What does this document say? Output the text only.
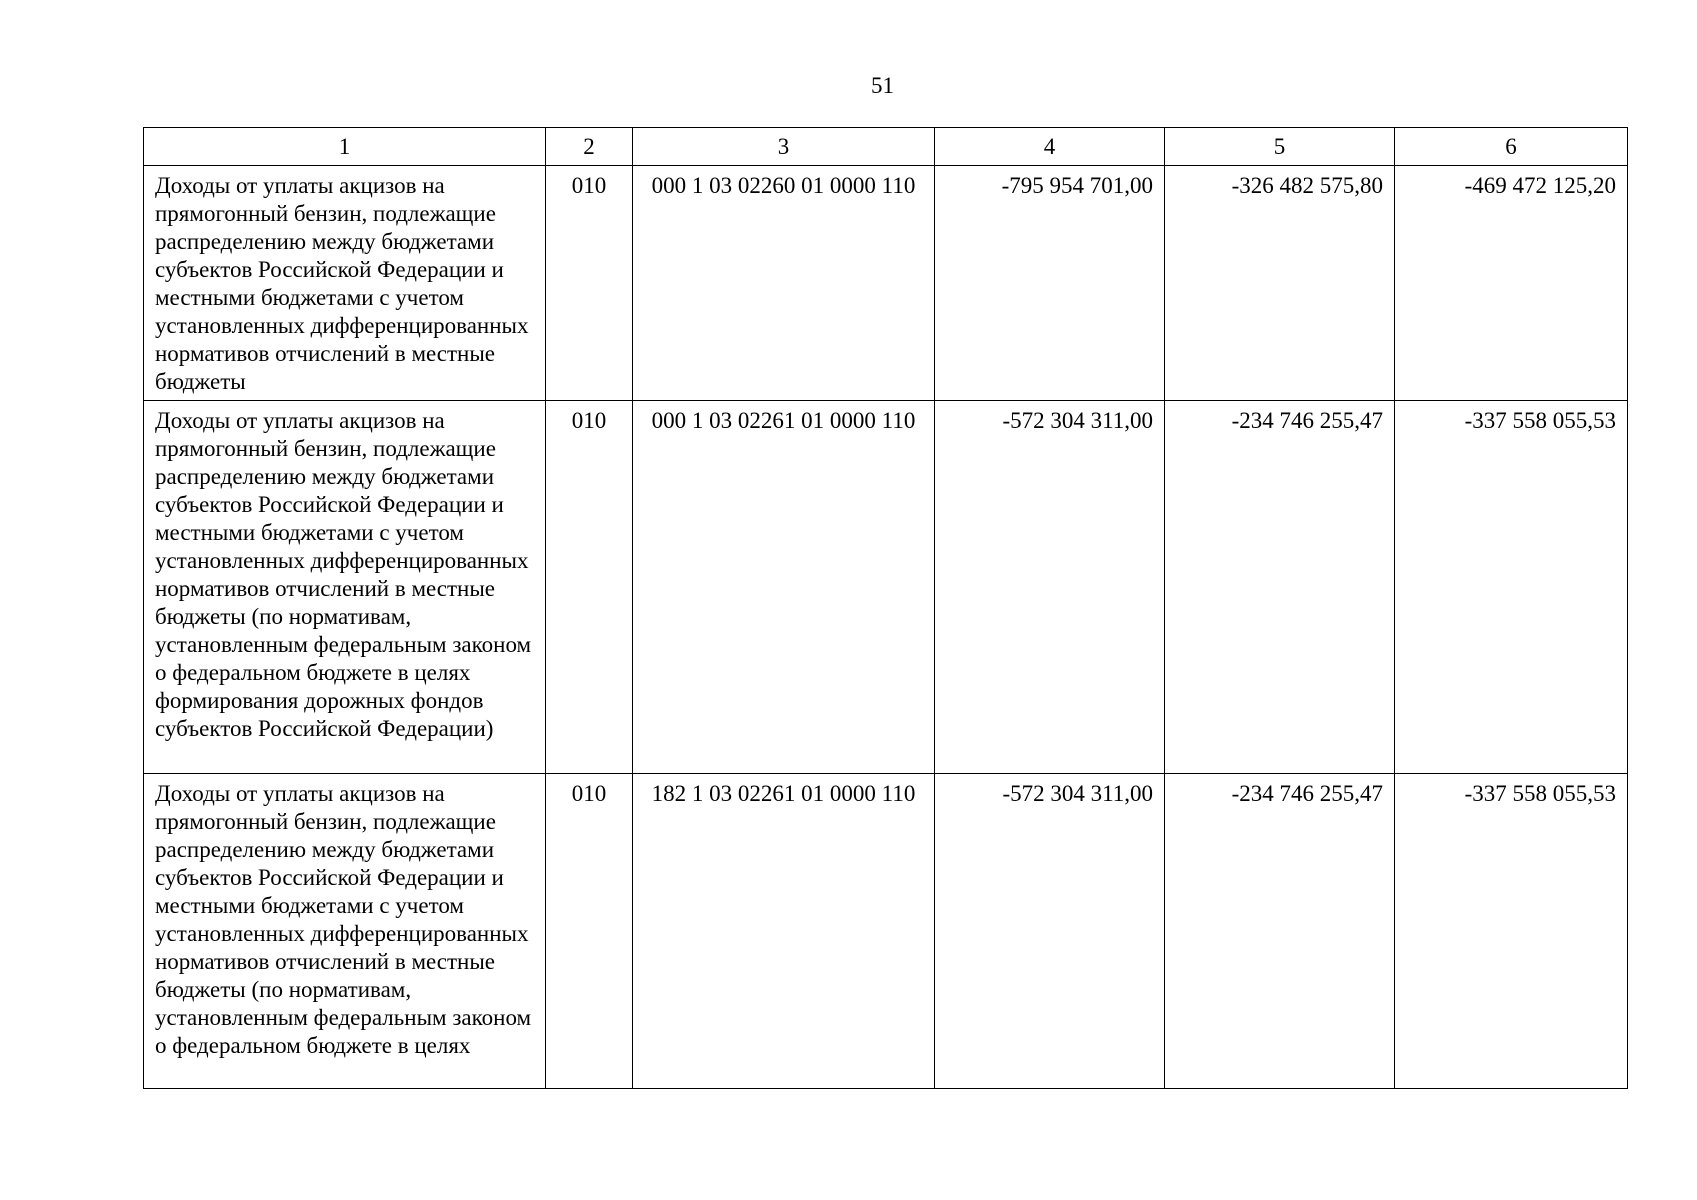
51
1	2	3	4	5	6
Доходы от уплаты акцизов на прямогонный бензин, подлежащие распределению между бюджетами субъектов Российской Федерации и местными бюджетами с учетом установленных дифференцированных нормативов отчислений в местные бюджеты	010	000 1 03 02260 01 0000 110	-795 954 701,00	-326 482 575,80	-469 472 125,20
Доходы от уплаты акцизов на прямогонный бензин, подлежащие распределению между бюджетами субъектов Российской Федерации и местными бюджетами с учетом установленных дифференцированных нормативов отчислений в местные бюджеты (по нормативам, установленным федеральным законом о федеральном бюджете в целях формирования дорожных фондов субъектов Российской Федерации)	010	000 1 03 02261 01 0000 110	-572 304 311,00	-234 746 255,47	-337 558 055,53
Доходы от уплаты акцизов на прямогонный бензин, подлежащие распределению между бюджетами субъектов Российской Федерации и местными бюджетами с учетом установленных дифференцированных нормативов отчислений в местные бюджеты (по нормативам, установленным федеральным законом о федеральном бюджете в целях	010	182 1 03 02261 01 0000 110	-572 304 311,00	-234 746 255,47	-337 558 055,53
